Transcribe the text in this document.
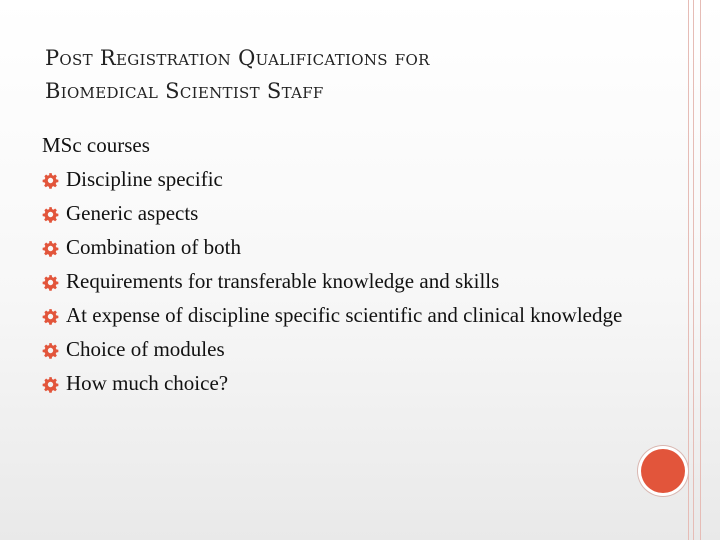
Post Registration Qualifications for
Biomedical Scientist Staff
MSc courses
Discipline specific
Generic aspects
Combination of both
Requirements for transferable knowledge and skills
At expense of discipline specific scientific and clinical knowledge
Choice of modules
How much choice?
